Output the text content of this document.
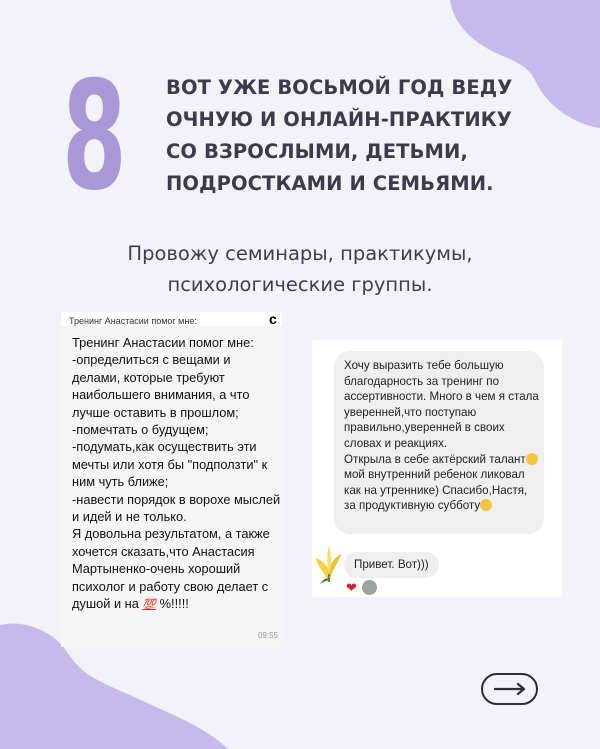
8 ВОТ УЖЕ ВОСЬМОЙ ГОД ВЕДУ ОЧНУЮ И ОНЛАЙН-ПРАКТИКУ СО ВЗРОСЛЫМИ, ДЕТЬМИ, ПОДРОСТКАМИ И СЕМЬЯМИ.
Провожу семинары, практикумы, психологические группы.
Тренинг Анастасии помог мне:	с

Тренинг Анастасии помог мне:
-определиться с вещами и делами, которые требуют наибольшего внимания, а что лучше оставить в прошлом;
-помечтать о будущем;
-подумать,как осуществить эти мечты или хотя бы "подползти" к ним чуть ближе;
-навести порядок в ворохе мыслей и идей и не только.
Я довольна результатом, а также хочется сказать,что Анастасия Мартыненко-очень хороший психолог и работу свою делает с душой и на 💯 %!!!!!

09:55

Хочу выразить тебе большую благодарность за тренинг по ассертивности. Много в чем я стала уверенней,что поступаю правильно,уверенней в своих словах и реакциях.
Открыла в себе актёрский талант мой внутренний ребенок ликовал как на утреннике) Спасибо,Настя, за продуктивную субботу

Привет. Вот)))
❤
